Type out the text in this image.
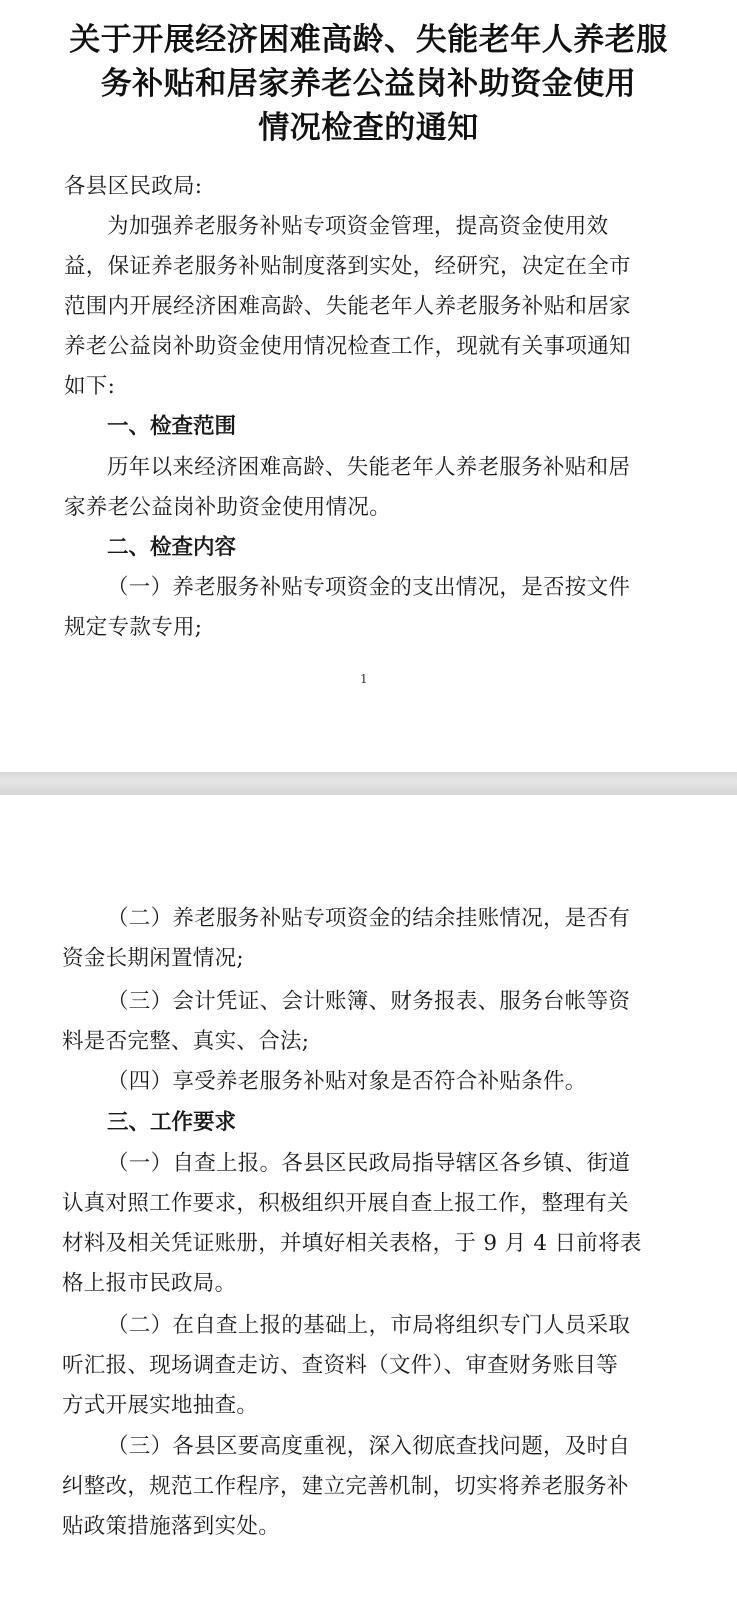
关于开展经济困难高龄、失能老年人养老服
务补贴和居家养老公益岗补助资金使用
情况检查的通知
各县区民政局:
为加强养老服务补贴专项资金管理，提高资金使用效
益，保证养老服务补贴制度落到实处，经研究，决定在全市
范围内开展经济困难高龄、失能老年人养老服务补贴和居家
养老公益岗补助资金使用情况检查工作，现就有关事项通知
如下:
一、检查范围
历年以来经济困难高龄、失能老年人养老服务补贴和居
家养老公益岗补助资金使用情况。
二、检查内容
（一）养老服务补贴专项资金的支出情况，是否按文件
规定专款专用;
1
（二）养老服务补贴专项资金的结余挂账情况，是否有
资金长期闲置情况;
（三）会计凭证、会计账簿、财务报表、服务台帐等资
料是否完整、真实、合法;
（四）享受养老服务补贴对象是否符合补贴条件。
三、工作要求
（一）自查上报。各县区民政局指导辖区各乡镇、街道
认真对照工作要求，积极组织开展自查上报工作，整理有关
材料及相关凭证账册，并填好相关表格，于 9 月 4 日前将表
格上报市民政局。
（二）在自查上报的基础上，市局将组织专门人员采取
听汇报、现场调查走访、查资料（文件）、审查财务账目等
方式开展实地抽查。
（三）各县区要高度重视，深入彻底查找问题，及时自
纠整改，规范工作程序，建立完善机制，切实将养老服务补
贴政策措施落到实处。
